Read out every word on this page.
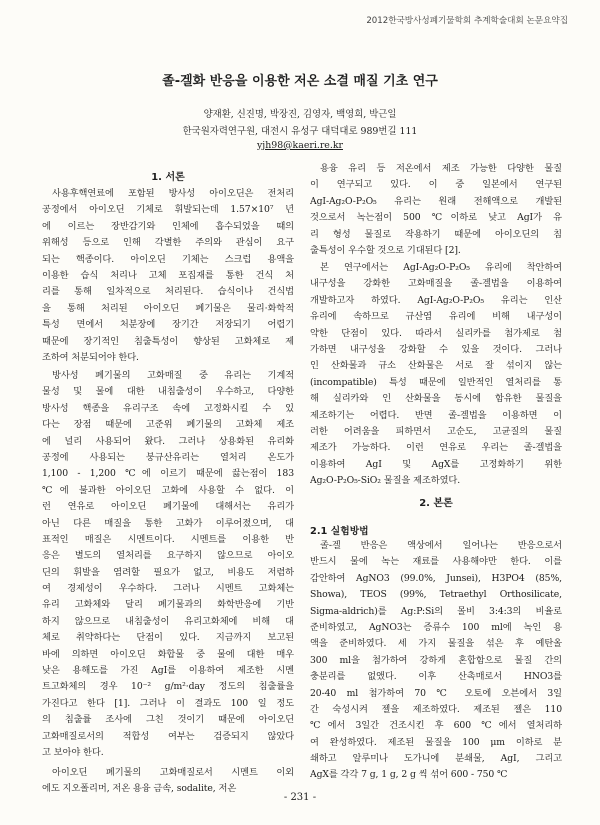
2012한국방사성폐기물학회 추계학술대회 논문요약집
졸-겔화 반응을 이용한 저온 소결 매질 기초 연구
양재환, 신진명, 박장진, 김영자, 백영희, 박근일
한국원자력연구원, 대전시 유성구 대덕대로 989번길 111
yjh98@kaeri.re.kr
1. 서론
사용후핵연료에 포함된 방사성 아이오딘은 전처리
공정에서 아이오딘 기체로 휘발되는데 1.57×10⁷ 년
에 이르는 장반감기와 인체에 흡수되었을 때의
위해성 등으로 인해 각별한 주의와 관심이 요구
되는 핵종이다. 아이오딘 기체는 스크럽 용액을
이용한 습식 처리나 고체 포집재를 통한 건식 처
리를 통해 일차적으로 처리된다. 습식이나 건식법
을 통해 처리된 아이오딘 폐기물은 물리·화학적
특성 면에서 처분장에 장기간 저장되기 어렵기
때문에 장기적인 침출특성이 향상된 고화체로 제
조하여 처분되어야 한다.
방사성 폐기물의 고화매질 중 유리는 기계적
물성 및 물에 대한 내침출성이 우수하고, 다양한
방사성 핵종을 유리구조 속에 고정화시킬 수 있
다는 장점 때문에 고준위 폐기물의 고화체 제조
에 널리 사용되어 왔다. 그러나 상용화된 유리화
공정에 사용되는 붕규산유리는 열처리 온도가
1,100 - 1,200 ℃에 이르기 때문에 끓는점이 183
℃에 불과한 아이오딘 고화에 사용할 수 없다. 이
런 연유로 아이오딘 폐기물에 대해서는 유리가
아닌 다른 매질을 통한 고화가 이루어졌으며, 대
표적인 매질은 시멘트이다. 시멘트를 이용한 반
응은 별도의 열처리를 요구하지 않으므로 아이오
딘의 휘발을 염려할 필요가 없고, 비용도 저렴하
여 경제성이 우수하다. 그러나 시멘트 고화체는
유리 고화체와 달리 폐기물과의 화학반응에 기반
하지 않으므로 내침출성이 유리고화체에 비해 대
체로 취약하다는 단점이 있다. 지금까지 보고된
바에 의하면 아이오딘 화합물 중 물에 대한 매우
낮은 용해도를 가진 AgI를 이용하여 제조한 시멘
트고화체의 경우 10⁻² g/m²·day 정도의 침출률을
가진다고 한다 [1]. 그러나 이 결과도 100 일 정도
의 침출률 조사에 그친 것이기 때문에 아이오딘
고화매질로서의 적합성 여부는 검증되지 않았다
고 보아야 한다.
아이오딘 폐기물의 고화매질로서 시멘트 이외
에도 지오폴리머, 저온 용융 금속, sodalite, 저온
용융 유리 등 저온에서 제조 가능한 다양한 물질
이 연구되고 있다. 이 중 일본에서 연구된
AgI-Ag₂O-P₂O₅ 유리는 원래 전해액으로 개발된
것으로서 녹는점이 500 ℃이하로 낮고 AgI가 유
리 형성 물질로 작용하기 때문에 아이오딘의 침
출특성이 우수할 것으로 기대된다 [2].
본 연구에서는 AgI-Ag₂O-P₂O₅ 유리에 착안하여
내구성을 강화한 고화매질을 졸-겔법을 이용하여
개발하고자 하였다. AgI-Ag₂O-P₂O₅ 유리는 인산
유리에 속하므로 규산염 유리에 비해 내구성이
약한 단점이 있다. 따라서 실리카를 첨가제로 첨
가하면 내구성을 강화할 수 있을 것이다. 그러나
인 산화물과 규소 산화물은 서로 잘 섞이지 않는
(incompatible) 특성 때문에 일반적인 열처리를 통
해 실리카와 인 산화물을 동시에 함유한 물질을
제조하기는 어렵다. 반면 졸-겔법을 이용하면 이
러한 어려움을 피하면서 고순도, 고균질의 물질
제조가 가능하다. 이런 연유로 우리는 졸-겔법을
이용하여 AgI 및 AgX를 고정화하기 위한
Ag₂O-P₂O₅-SiO₂ 물질을 제조하였다.
2. 본론
2.1 실험방법
졸-겔 반응은 액상에서 일어나는 반응으로서
반드시 물에 녹는 재료를 사용해야만 한다. 이를
감안하여 AgNO3 (99.0%, Junsei), H3PO4 (85%,
Showa), TEOS (99%, Tetraethyl Orthosilicate,
Sigma-aldrich)를 Ag:P:Si의 몰비 3:4:3의 비율로
준비하였고, AgNO3는 증류수 100 ml에 녹인 용
액을 준비하였다. 세 가지 물질을 섞은 후 예탄올
300 ml을 첨가하여 강하게 혼합함으로 물질 간의
충분리를 없앴다. 이후 산촉매로서 HNO3를
20-40 ml 첨가하여 70 ℃ 오토에 오븐에서 3일
간 숙성시켜 젤을 제조하였다. 제조된 젤은 110
℃에서 3일간 건조시킨 후 600 ℃에서 열처리하
여 완성하였다. 제조된 물질을 100 μm 이하로 분
쇄하고 알루미나 도가니에 분쇄물, AgI, 그리고
AgX를 각각 7 g, 1 g, 2 g 씩 섞어 600 - 750 ℃
- 231 -
